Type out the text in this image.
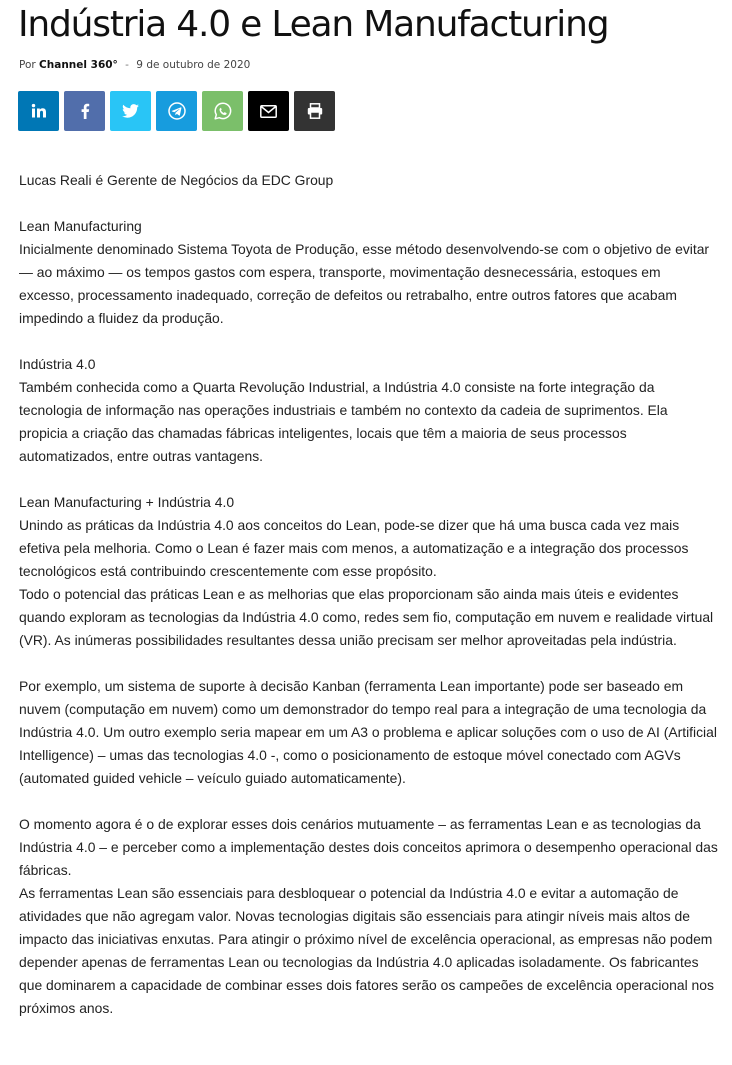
Indústria 4.0 e Lean Manufacturing
Por Channel 360° - 9 de outubro de 2020

Lucas Reali é Gerente de Negócios da EDC Group

Lean Manufacturing
Inicialmente denominado Sistema Toyota de Produção, esse método desenvolvendo-se com o objetivo de evitar — ao máximo — os tempos gastos com espera, transporte, movimentação desnecessária, estoques em excesso, processamento inadequado, correção de defeitos ou retrabalho, entre outros fatores que acabam impedindo a fluidez da produção.

Indústria 4.0
Também conhecida como a Quarta Revolução Industrial, a Indústria 4.0 consiste na forte integração da tecnologia de informação nas operações industriais e também no contexto da cadeia de suprimentos. Ela propicia a criação das chamadas fábricas inteligentes, locais que têm a maioria de seus processos automatizados, entre outras vantagens.

Lean Manufacturing + Indústria 4.0
Unindo as práticas da Indústria 4.0 aos conceitos do Lean, pode-se dizer que há uma busca cada vez mais efetiva pela melhoria. Como o Lean é fazer mais com menos, a automatização e a integração dos processos tecnológicos está contribuindo crescentemente com esse propósito.
Todo o potencial das práticas Lean e as melhorias que elas proporcionam são ainda mais úteis e evidentes quando exploram as tecnologias da Indústria 4.0 como, redes sem fio, computação em nuvem e realidade virtual (VR). As inúmeras possibilidades resultantes dessa união precisam ser melhor aproveitadas pela indústria.

Por exemplo, um sistema de suporte à decisão Kanban (ferramenta Lean importante) pode ser baseado em nuvem (computação em nuvem) como um demonstrador do tempo real para a integração de uma tecnologia da Indústria 4.0. Um outro exemplo seria mapear em um A3 o problema e aplicar soluções com o uso de AI (Artificial Intelligence) – umas das tecnologias 4.0 -, como o posicionamento de estoque móvel conectado com AGVs (automated guided vehicle – veículo guiado automaticamente).

O momento agora é o de explorar esses dois cenários mutuamente – as ferramentas Lean e as tecnologias da Indústria 4.0 – e perceber como a implementação destes dois conceitos aprimora o desempenho operacional das fábricas.
As ferramentas Lean são essenciais para desbloquear o potencial da Indústria 4.0 e evitar a automação de atividades que não agregam valor. Novas tecnologias digitais são essenciais para atingir níveis mais altos de impacto das iniciativas enxutas. Para atingir o próximo nível de excelência operacional, as empresas não podem depender apenas de ferramentas Lean ou tecnologias da Indústria 4.0 aplicadas isoladamente. Os fabricantes que dominarem a capacidade de combinar esses dois fatores serão os campeões de excelência operacional nos próximos anos.
